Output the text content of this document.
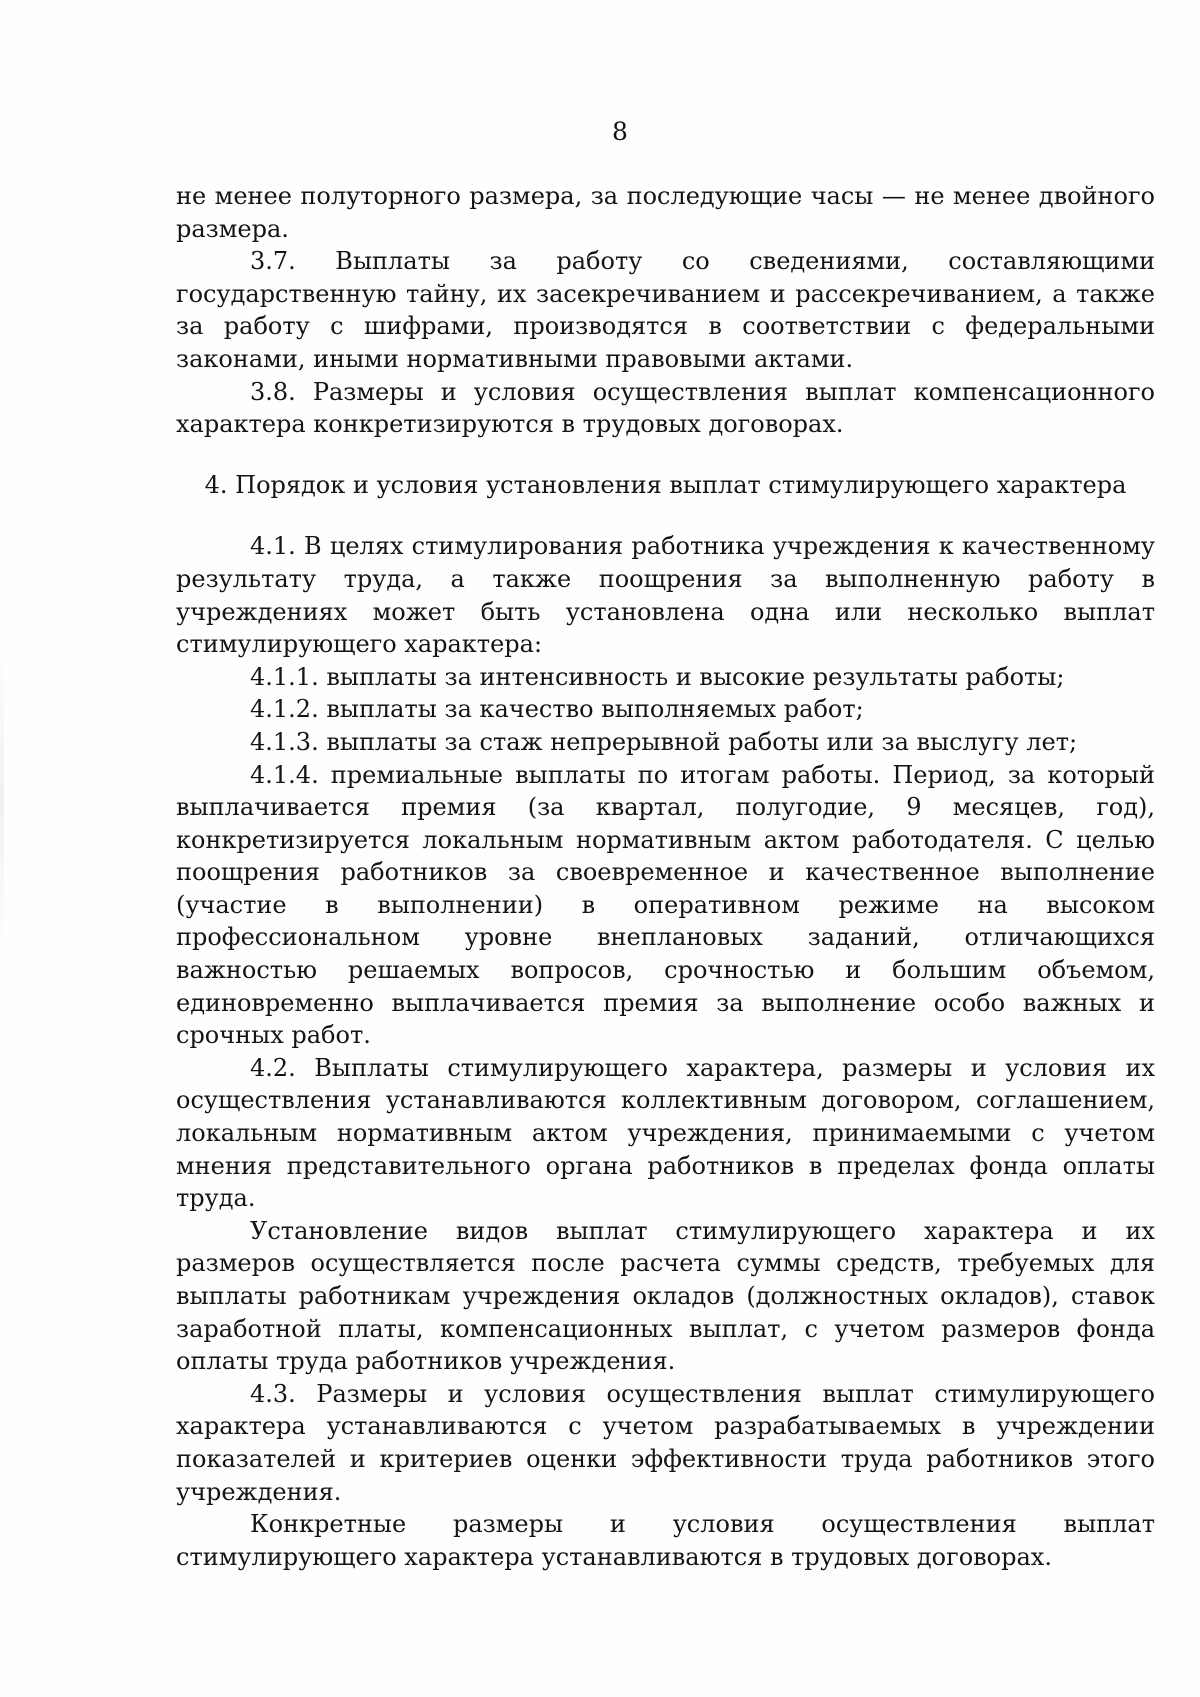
8

не менее полуторного размера, за последующие часы — не менее двойного размера.

3.7. Выплаты за работу со сведениями, составляющими государственную тайну, их засекречиванием и рассекречиванием, а также за работу с шифрами, производятся в соответствии с федеральными законами, иными нормативными правовыми актами.

3.8. Размеры и условия осуществления выплат компенсационного характера конкретизируются в трудовых договорах.

4. Порядок и условия установления выплат стимулирующего характера

4.1. В целях стимулирования работника учреждения к качественному результату труда, а также поощрения за выполненную работу в учреждениях может быть установлена одна или несколько выплат стимулирующего характера:

4.1.1. выплаты за интенсивность и высокие результаты работы;

4.1.2. выплаты за качество выполняемых работ;

4.1.3. выплаты за стаж непрерывной работы или за выслугу лет;

4.1.4. премиальные выплаты по итогам работы. Период, за который выплачивается премия (за квартал, полугодие, 9 месяцев, год), конкретизируется локальным нормативным актом работодателя. С целью поощрения работников за своевременное и качественное выполнение (участие в выполнении) в оперативном режиме на высоком профессиональном уровне внеплановых заданий, отличающихся важностью решаемых вопросов, срочностью и большим объемом, единовременно выплачивается премия за выполнение особо важных и срочных работ.

4.2. Выплаты стимулирующего характера, размеры и условия их осуществления устанавливаются коллективным договором, соглашением, локальным нормативным актом учреждения, принимаемыми с учетом мнения представительного органа работников в пределах фонда оплаты труда.

Установление видов выплат стимулирующего характера и их размеров осуществляется после расчета суммы средств, требуемых для выплаты работникам учреждения окладов (должностных окладов), ставок заработной платы, компенсационных выплат, с учетом размеров фонда оплаты труда работников учреждения.

4.3. Размеры и условия осуществления выплат стимулирующего характера устанавливаются с учетом разрабатываемых в учреждении показателей и критериев оценки эффективности труда работников этого учреждения.

Конкретные размеры и условия осуществления выплат стимулирующего характера устанавливаются в трудовых договорах.
